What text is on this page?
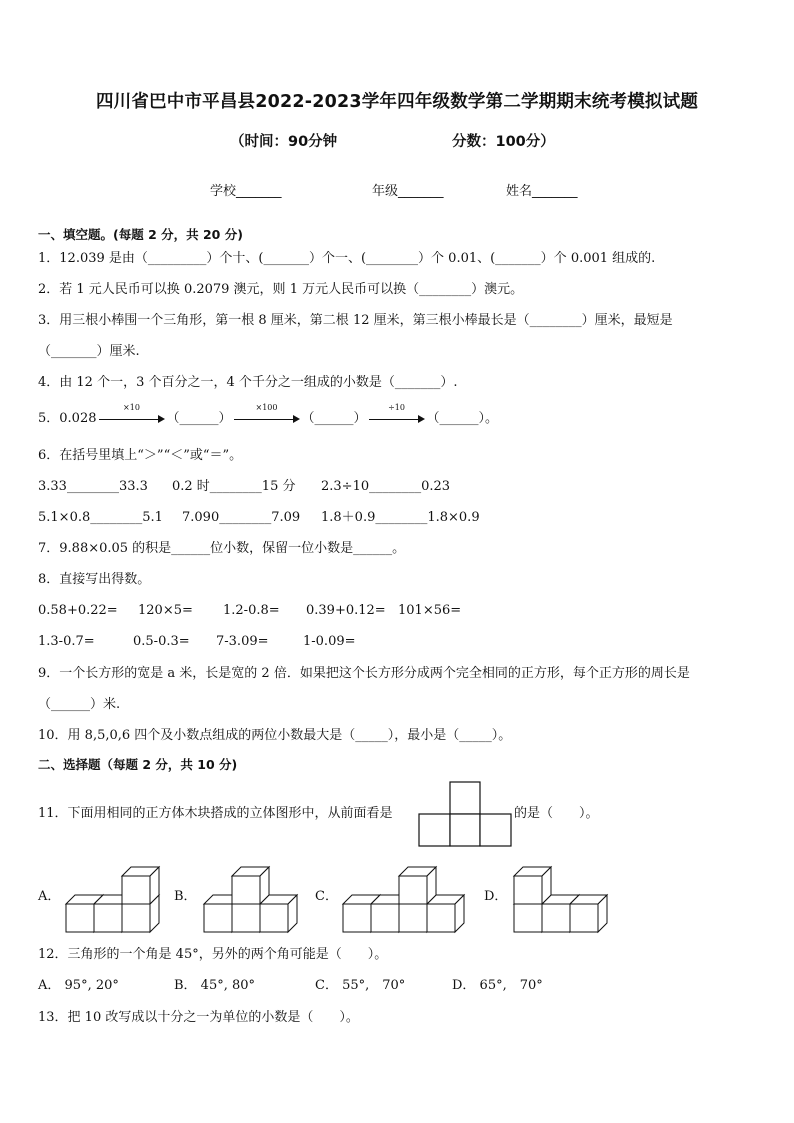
四川省巴中市平昌县2022-2023学年四年级数学第二学期期末统考模拟试题
（时间：90分钟	分数：100分）
学校_______	年级_______	姓名_______
一、填空题。(每题 2 分，共 20 分)
1．12.039 是由（_________）个十、(_______）个一、(________）个 0.01、(_______）个 0.001 组成的.
2．若 1 元人民币可以换 0.2079 澳元，则 1 万元人民币可以换（________）澳元。
3．用三根小棒围一个三角形，第一根 8 厘米，第二根 12 厘米，第三根小棒最长是（________）厘米，最短是
（_______）厘米.
4．由 12 个一，3 个百分之一，4 个千分之一组成的小数是（_______）.
5．0.028
×10
（______）
×100
（______）
÷10
（______）。
6．在括号里填上“＞”“＜”或“＝”。
3.33________33.3 0.2 时________15 分 2.3÷10________0.23
5.1×0.8________5.1 7.090________7.09 1.8＋0.9________1.8×0.9
7．9.88×0.05 的积是______位小数，保留一位小数是______。
8．直接写出得数。
0.58+0.22= 120×5= 1.2-0.8= 0.39+0.12= 101×56=
1.3-0.7=	0.5-0.3= 7-3.09=	1-0.09=
9．一个长方形的宽是 a 米，长是宽的 2 倍．如果把这个长方形分成两个完全相同的正方形，每个正方形的周长是
（______）米.
10．用 8,5,0,6 四个及小数点组成的两位小数最大是（_____），最小是（_____）。
二、选择题（每题 2 分，共 10 分)
11．下面用相同的正方体木块搭成的立体图形中，从前面看是	的是（　　）。
A．	B．	C．	D．
12．三角形的一个角是 45°，另外的两个角可能是（　　）。
A． 95°, 20°	B． 45°, 80°	C． 55°,　70°	D． 65°,　70°
13．把 10 改写成以十分之一为单位的小数是（　　）。
